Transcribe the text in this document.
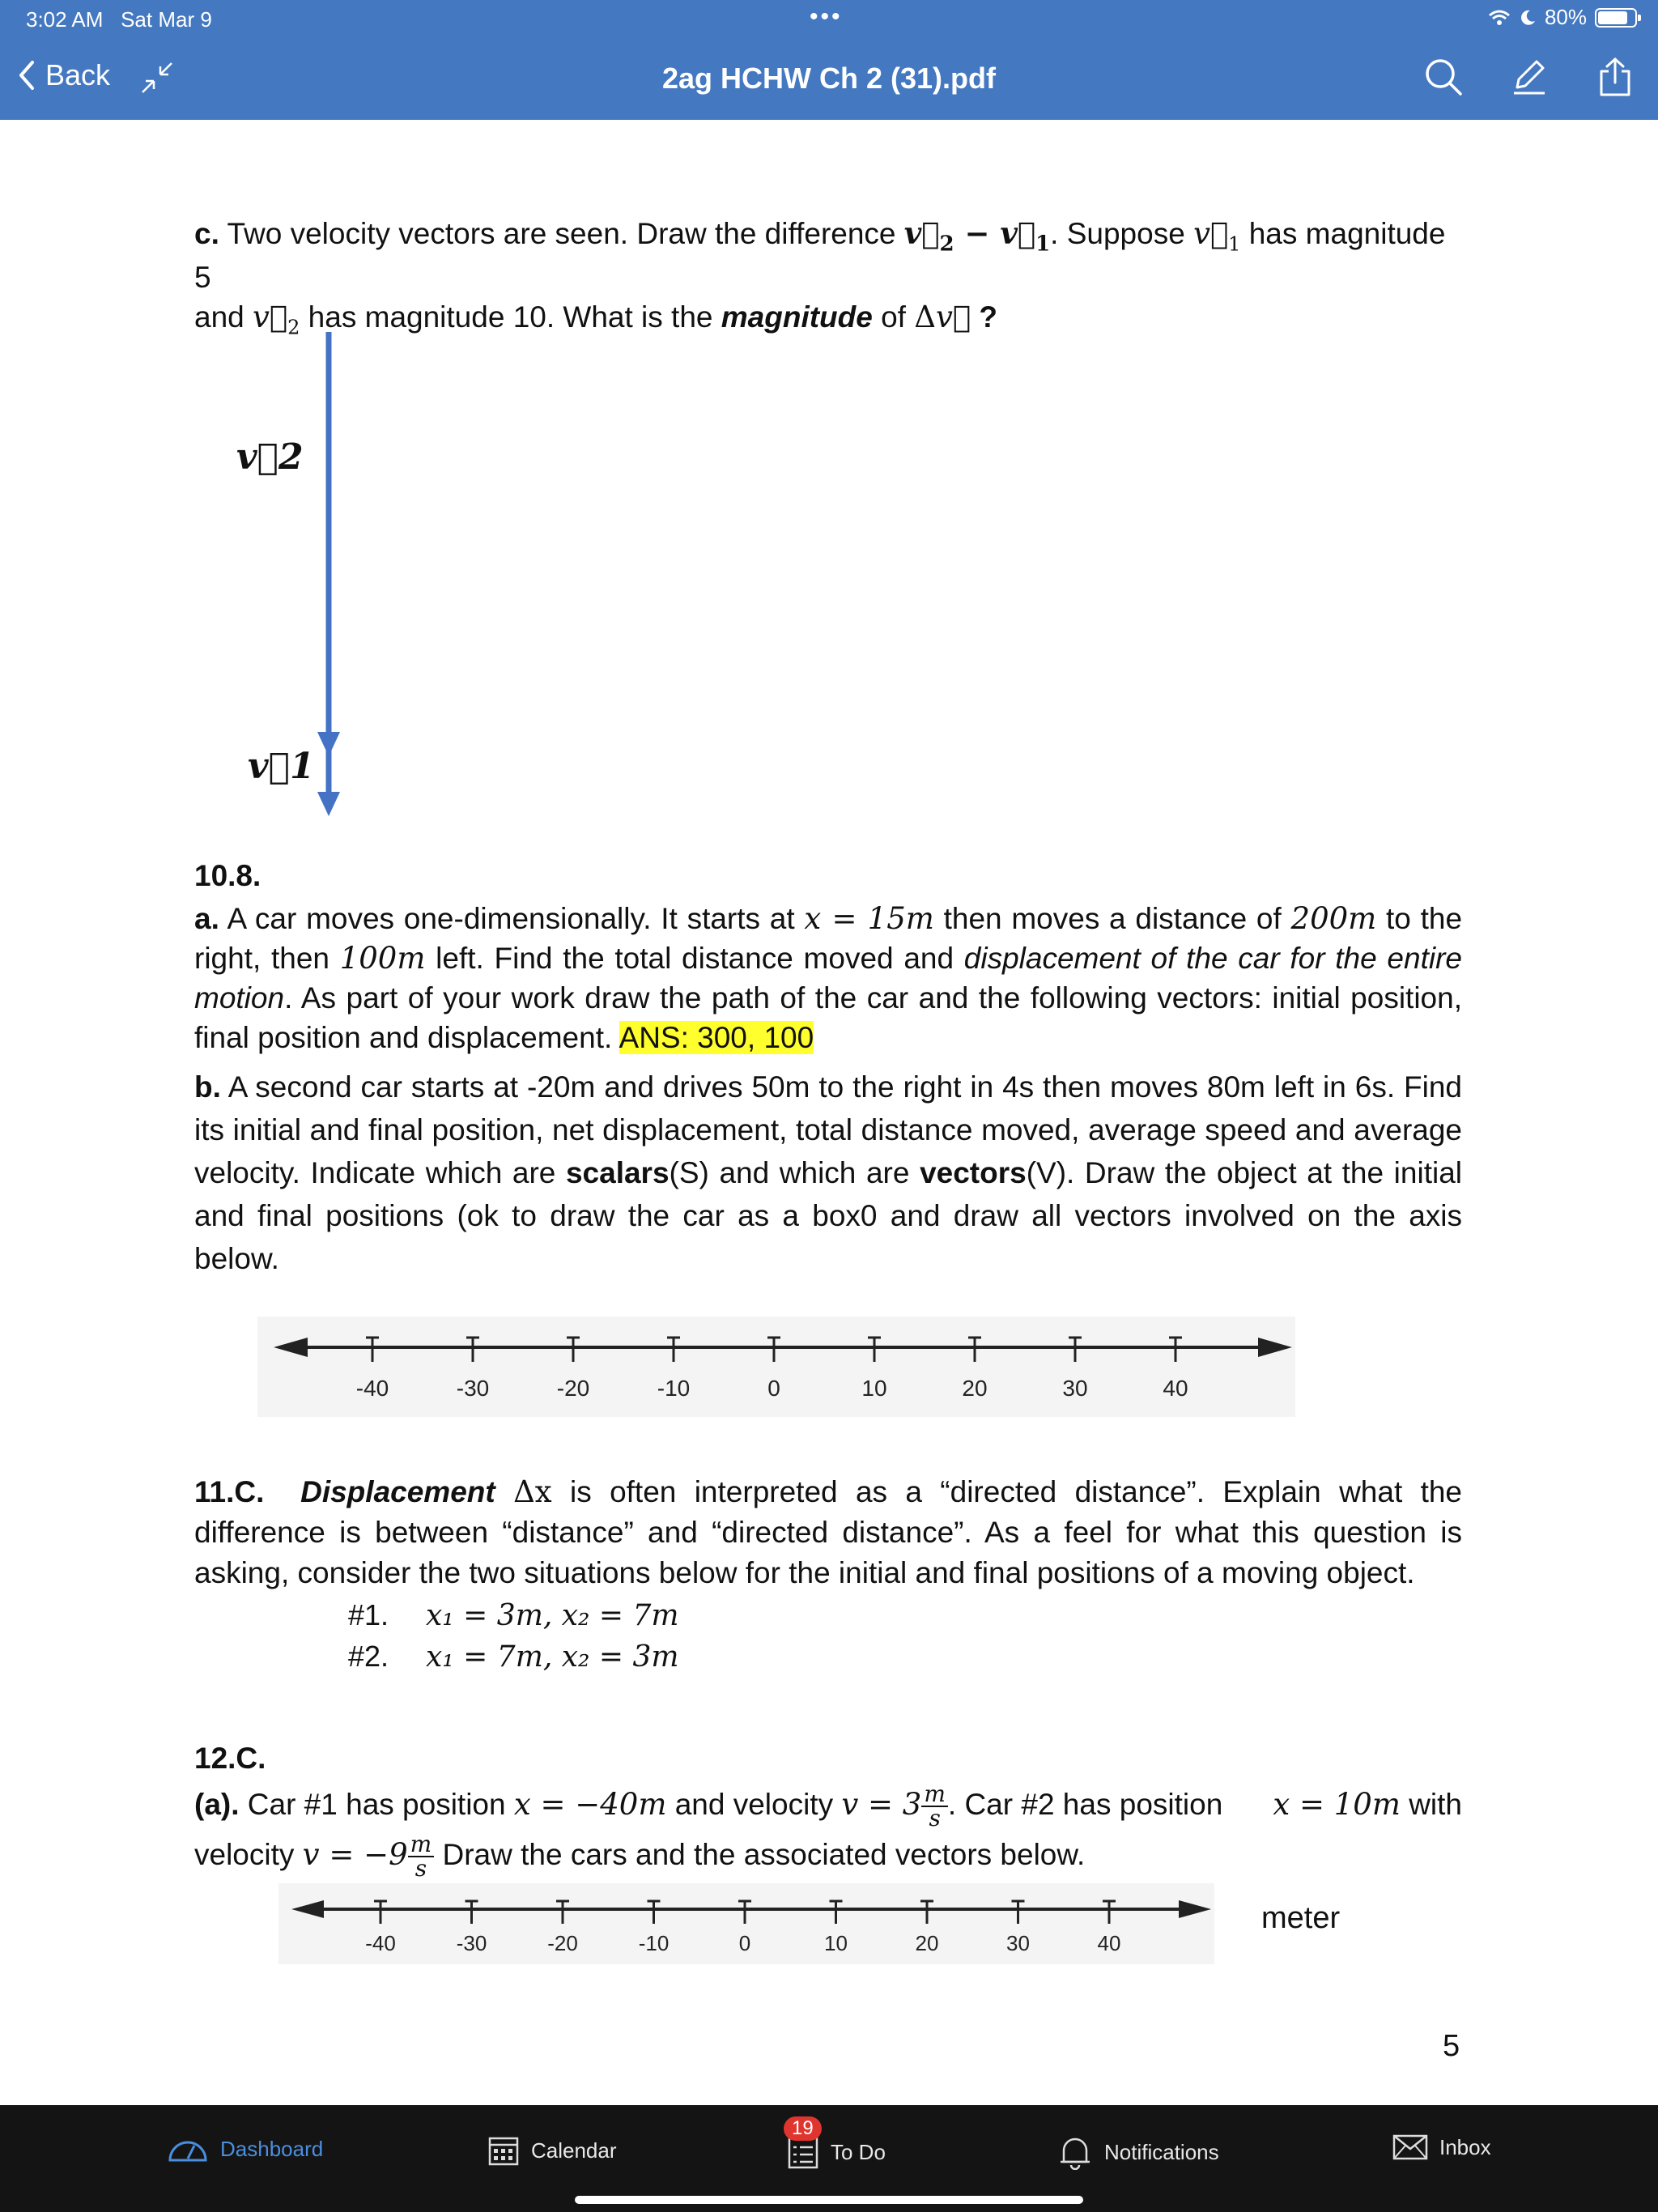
3:02 AM Sat Mar 9	•••	80%
Back	2ag HCHW Ch 2 (31).pdf
c. Two velocity vectors are seen. Draw the difference $v⃗_2$ − $v⃗_1$. Suppose $v⃗_1$ has magnitude 5
and $v⃗_2$ has magnitude 10. What is the magnitude of Δv⃗ ?
v⃗2
v⃗1
10.8.
a. A car moves one-dimensionally. It starts at x = 15m then moves a distance of 200m to the right, then 100m left. Find the total distance moved and displacement of the car for the entire motion. As part of your work draw the path of the car and the following vectors: initial position, final position and displacement. ANS: 300, 100
b. A second car starts at -20m and drives 50m to the right in 4s then moves 80m left in 6s. Find its initial and final position, net displacement, total distance moved, average speed and average velocity. Indicate which are scalars(S) and which are vectors(V). Draw the object at the initial and final positions (ok to draw the car as a box0 and draw all vectors involved on the axis below.
-40	-30	-20	-10	0	10	20	30	40
11.C. Displacement Δx is often interpreted as a “directed distance”. Explain what the difference is between “distance” and “directed distance”. As a feel for what this question is asking, consider the two situations below for the initial and final positions of a moving object.
#1. x₁ = 3m, x₂ = 7m
#2. x₁ = 7m, x₂ = 3m
12.C.
(a). Car #1 has position x = −40m and velocity $v = 3 \frac{m}{s}$ . Car #2 has position x = 10m with
velocity $v = -9 \frac{m}{s}$ Draw the cars and the associated vectors below.
-40	-30	-20	-10	0	10	20	30	40
meter
5
Dashboard	Calendar
19
To Do	Notifications	Inbox
